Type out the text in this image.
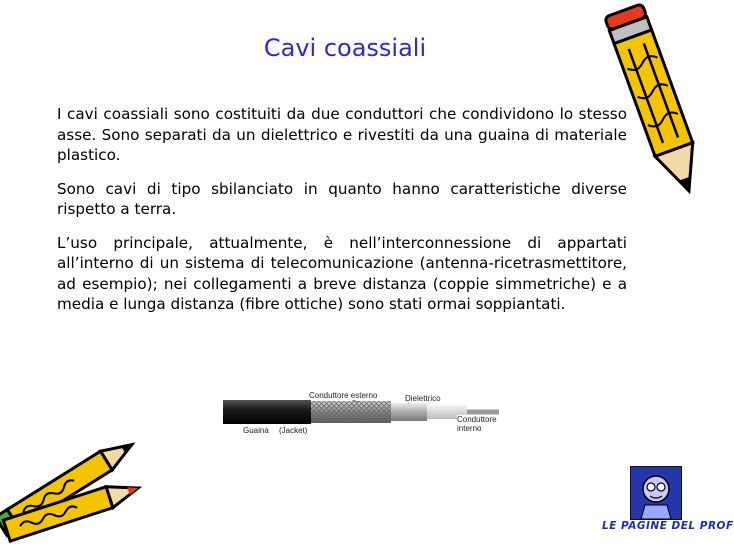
Cavi coassiali

I cavi coassiali sono costituiti da due conduttori che condividono lo stesso asse. Sono separati da un dielettrico e rivestiti da una guaina di materiale plastico.

Sono cavi di tipo sbilanciato in quanto hanno caratteristiche diverse rispetto a terra.

L’uso principale, attualmente, è nell’interconnessione di appartati all’interno di un sistema di telecomunicazione (antenna-ricetrasmettitore, ad esempio); nei collegamenti a breve distanza (coppie simmetriche) e a media e lunga distanza (fibre ottiche) sono stati ormai soppiantati.

Conduttore esterno	Dielettrico
Guaina (Jacket)
Conduttore
interno
LE PAGINE DEL PROF
